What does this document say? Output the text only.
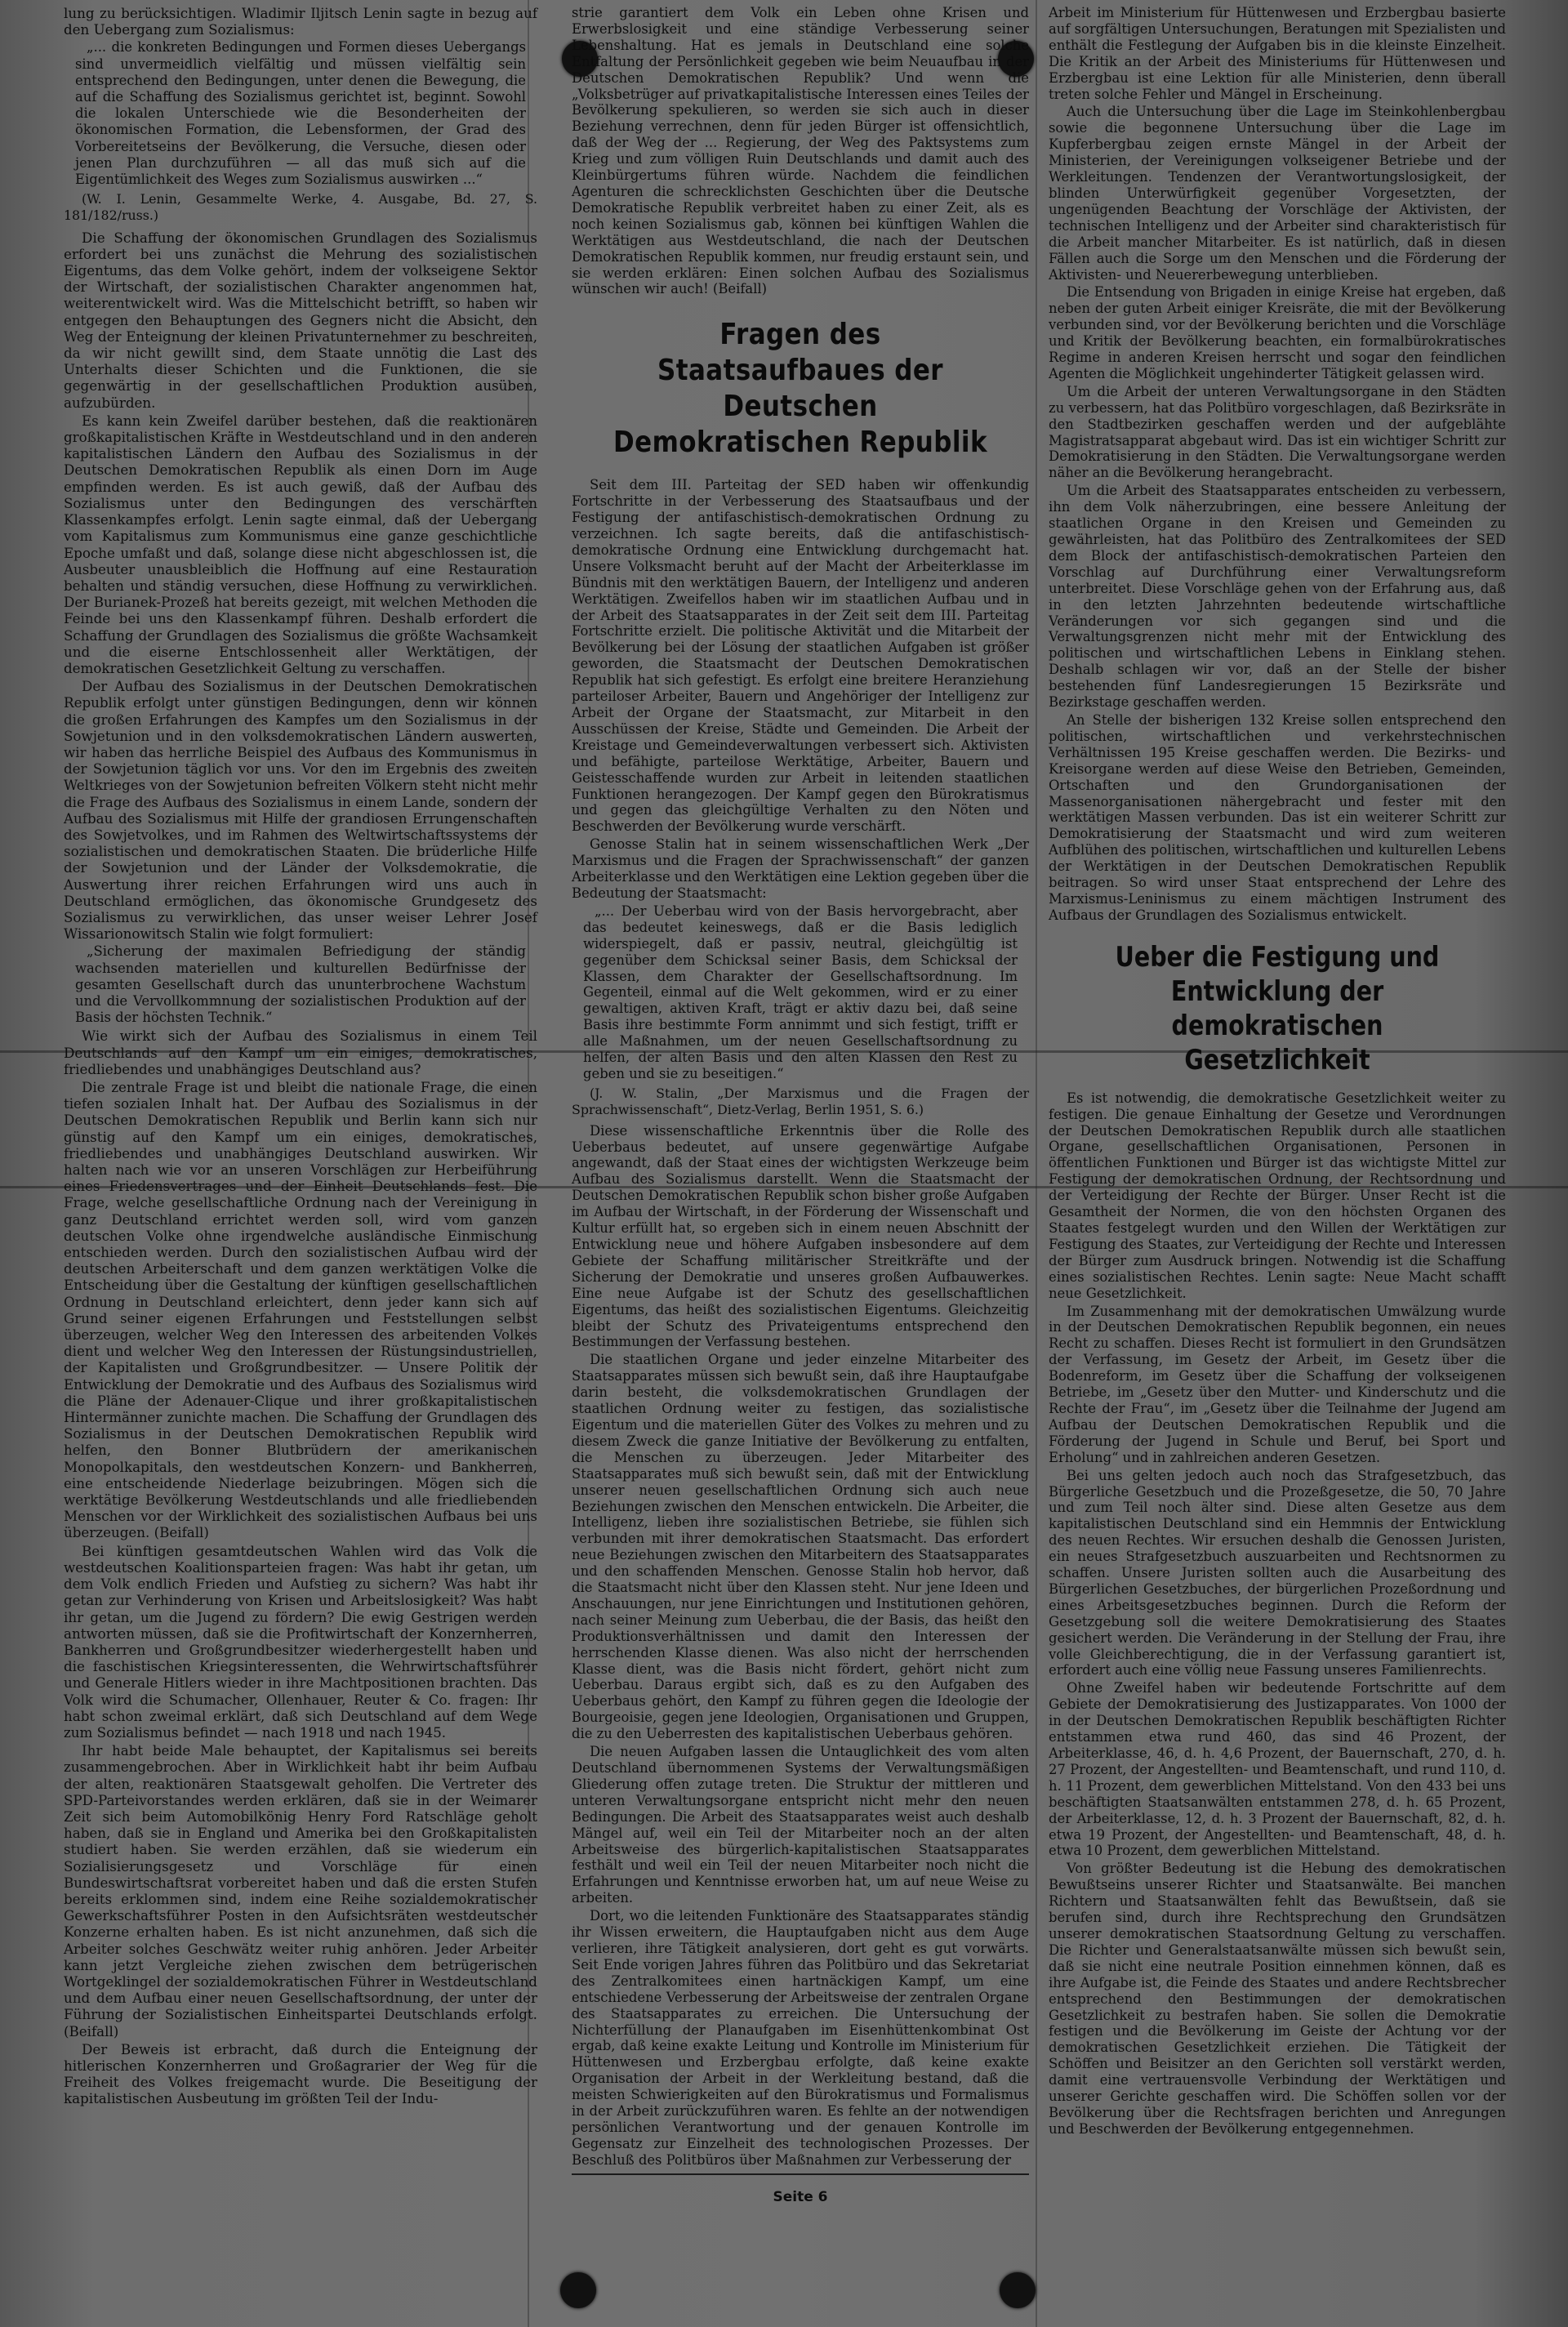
lung zu berücksichtigen. Wladimir Iljitsch Lenin sagte in bezug auf den Uebergang zum Sozialismus:

„... die konkreten Bedingungen und Formen dieses Uebergangs sind unvermeidlich vielfältig und müssen vielfältig sein entsprechend den Bedingungen, unter denen die Bewegung, die auf die Schaffung des Sozialismus gerichtet ist, beginnt. Sowohl die lokalen Unterschiede wie die Besonderheiten der ökonomischen Formation, die Lebensformen, der Grad des Vorbereitetseins der Bevölkerung, die Versuche, diesen oder jenen Plan durchzuführen — all das muß sich auf die Eigentümlichkeit des Weges zum Sozialismus auswirken ...“

(W. I. Lenin, Gesammelte Werke, 4. Ausgabe, Bd. 27, S. 181/182/russ.)

Die Schaffung der ökonomischen Grundlagen des Sozialismus erfordert bei uns zunächst die Mehrung des sozialistischen Eigentums, das dem Volke gehört, indem der volkseigene Sektor der Wirtschaft, der sozialistischen Charakter angenommen hat, weiterentwickelt wird. Was die Mittelschicht betrifft, so haben wir entgegen den Behauptungen des Gegners nicht die Absicht, den Weg der Enteignung der kleinen Privatunternehmer zu beschreiten, da wir nicht gewillt sind, dem Staate unnötig die Last des Unterhalts dieser Schichten und die Funktionen, die sie gegenwärtig in der gesellschaftlichen Produktion ausüben, aufzubürden.

Es kann kein Zweifel darüber bestehen, daß die reaktionären großkapitalistischen Kräfte in Westdeutschland und in den anderen kapitalistischen Ländern den Aufbau des Sozialismus in der Deutschen Demokratischen Republik als einen Dorn im Auge empfinden werden. Es ist auch gewiß, daß der Aufbau des Sozialismus unter den Bedingungen des verschärften Klassenkampfes erfolgt. Lenin sagte einmal, daß der Uebergang vom Kapitalismus zum Kommunismus eine ganze geschichtliche Epoche umfaßt und daß, solange diese nicht abgeschlossen ist, die Ausbeuter unausbleiblich die Hoffnung auf eine Restauration behalten und ständig versuchen, diese Hoffnung zu verwirklichen. Der Burianek-Prozeß hat bereits gezeigt, mit welchen Methoden die Feinde bei uns den Klassenkampf führen. Deshalb erfordert die Schaffung der Grundlagen des Sozialismus die größte Wachsamkeit und die eiserne Entschlossenheit aller Werktätigen, der demokratischen Gesetzlichkeit Geltung zu verschaffen.

Der Aufbau des Sozialismus in der Deutschen Demokratischen Republik erfolgt unter günstigen Bedingungen, denn wir können die großen Erfahrungen des Kampfes um den Sozialismus in der Sowjetunion und in den volksdemokratischen Ländern auswerten, wir haben das herrliche Beispiel des Aufbaus des Kommunismus in der Sowjetunion täglich vor uns. Vor den im Ergebnis des zweiten Weltkrieges von der Sowjetunion befreiten Völkern steht nicht mehr die Frage des Aufbaus des Sozialismus in einem Lande, sondern der Aufbau des Sozialismus mit Hilfe der grandiosen Errungenschaften des Sowjetvolkes, und im Rahmen des Weltwirtschaftssystems der sozialistischen und demokratischen Staaten. Die brüderliche Hilfe der Sowjetunion und der Länder der Volksdemokratie, die Auswertung ihrer reichen Erfahrungen wird uns auch in Deutschland ermöglichen, das ökonomische Grundgesetz des Sozialismus zu verwirklichen, das unser weiser Lehrer Josef Wissarionowitsch Stalin wie folgt formuliert:

„Sicherung der maximalen Befriedigung der ständig wachsenden materiellen und kulturellen Bedürfnisse der gesamten Gesellschaft durch das ununterbrochene Wachstum und die Vervollkommnung der sozialistischen Produktion auf der Basis der höchsten Technik.“

Wie wirkt sich der Aufbau des Sozialismus in einem Teil Deutschlands auf den Kampf um ein einiges, demokratisches, friedliebendes und unabhängiges Deutschland aus?

Die zentrale Frage ist und bleibt die nationale Frage, die einen tiefen sozialen Inhalt hat. Der Aufbau des Sozialismus in der Deutschen Demokratischen Republik und Berlin kann sich nur günstig auf den Kampf um ein einiges, demokratisches, friedliebendes und unabhängiges Deutschland auswirken. Wir halten nach wie vor an unseren Vorschlägen zur Herbeiführung eines Friedensvertrages und der Einheit Deutschlands fest. Die Frage, welche gesellschaftliche Ordnung nach der Vereinigung in ganz Deutschland errichtet werden soll, wird vom ganzen deutschen Volke ohne irgendwelche ausländische Einmischung entschieden werden. Durch den sozialistischen Aufbau wird der deutschen Arbeiterschaft und dem ganzen werktätigen Volke die Entscheidung über die Gestaltung der künftigen gesellschaftlichen Ordnung in Deutschland erleichtert, denn jeder kann sich auf Grund seiner eigenen Erfahrungen und Feststellungen selbst überzeugen, welcher Weg den Interessen des arbeitenden Volkes dient und welcher Weg den Interessen der Rüstungsindustriellen, der Kapitalisten und Großgrundbesitzer. — Unsere Politik der Entwicklung der Demokratie und des Aufbaus des Sozialismus wird die Pläne der Adenauer-Clique und ihrer großkapitalistischen Hintermänner zunichte machen. Die Schaffung der Grundlagen des Sozialismus in der Deutschen Demokratischen Republik wird helfen, den Bonner Blutbrüdern der amerikanischen Monopolkapitals, den westdeutschen Konzern- und Bankherren, eine entscheidende Niederlage beizubringen. Mögen sich die werktätige Bevölkerung Westdeutschlands und alle friedliebenden Menschen vor der Wirklichkeit des sozialistischen Aufbaus bei uns überzeugen. (Beifall)

Bei künftigen gesamtdeutschen Wahlen wird das Volk die westdeutschen Koalitionsparteien fragen: Was habt ihr getan, um dem Volk endlich Frieden und Aufstieg zu sichern? Was habt ihr getan zur Verhinderung von Krisen und Arbeitslosigkeit? Was habt ihr getan, um die Jugend zu fördern? Die ewig Gestrigen werden antworten müssen, daß sie die Profitwirtschaft der Konzernherren, Bankherren und Großgrundbesitzer wiederhergestellt haben und die faschistischen Kriegsinteressenten, die Wehrwirtschaftsführer und Generale Hitlers wieder in ihre Machtpositionen brachten. Das Volk wird die Schumacher, Ollenhauer, Reuter & Co. fragen: Ihr habt schon zweimal erklärt, daß sich Deutschland auf dem Wege zum Sozialismus befindet — nach 1918 und nach 1945.

Ihr habt beide Male behauptet, der Kapitalismus sei bereits zusammengebrochen. Aber in Wirklichkeit habt ihr beim Aufbau der alten, reaktionären Staatsgewalt geholfen. Die Vertreter des SPD-Parteivorstandes werden erklären, daß sie in der Weimarer Zeit sich beim Automobilkönig Henry Ford Ratschläge geholt haben, daß sie in England und Amerika bei den Großkapitalisten studiert haben. Sie werden erzählen, daß sie wiederum ein Sozialisierungsgesetz und Vorschläge für einen Bundeswirtschaftsrat vorbereitet haben und daß die ersten Stufen bereits erklommen sind, indem eine Reihe sozialdemokratischer Gewerkschaftsführer Posten in den Aufsichtsräten westdeutscher Konzerne erhalten haben. Es ist nicht anzunehmen, daß sich die Arbeiter solches Geschwätz weiter ruhig anhören. Jeder Arbeiter kann jetzt Vergleiche ziehen zwischen dem betrügerischen Wortgeklingel der sozialdemokratischen Führer in Westdeutschland und dem Aufbau einer neuen Gesellschaftsordnung, der unter der Führung der Sozialistischen Einheitspartei Deutschlands erfolgt. (Beifall)

Der Beweis ist erbracht, daß durch die Enteignung der hitlerischen Konzernherren und Großagrarier der Weg für die Freiheit des Volkes freigemacht wurde. Die Beseitigung der kapitalistischen Ausbeutung im größten Teil der Indu-

strie garantiert dem Volk ein Leben ohne Krisen und Erwerbslosigkeit und eine ständige Verbesserung seiner Lebenshaltung. Hat es jemals in Deutschland eine solche Entfaltung der Persönlichkeit gegeben wie beim Neuaufbau in der Deutschen Demokratischen Republik? Und wenn die „Volksbetrüger auf privatkapitalistische Interessen eines Teiles der Bevölkerung spekulieren, so werden sie sich auch in dieser Beziehung verrechnen, denn für jeden Bürger ist offensichtlich, daß der Weg der ... Regierung, der Weg des Paktsystems zum Krieg und zum völligen Ruin Deutschlands und damit auch des Kleinbürgertums führen würde. Nachdem die feindlichen Agenturen die schrecklichsten Geschichten über die Deutsche Demokratische Republik verbreitet haben zu einer Zeit, als es noch keinen Sozialismus gab, können bei künftigen Wahlen die Werktätigen aus Westdeutschland, die nach der Deutschen Demokratischen Republik kommen, nur freudig erstaunt sein, und sie werden erklären: Einen solchen Aufbau des Sozialismus wünschen wir auch! (Beifall)

Fragen des Staatsaufbaues der Deutschen Demokratischen Republik

Seit dem III. Parteitag der SED haben wir offenkundig Fortschritte in der Verbesserung des Staatsaufbaus und der Festigung der antifaschistisch-demokratischen Ordnung zu verzeichnen. Ich sagte bereits, daß die antifaschistisch-demokratische Ordnung eine Entwicklung durchgemacht hat. Unsere Volksmacht beruht auf der Macht der Arbeiterklasse im Bündnis mit den werktätigen Bauern, der Intelligenz und anderen Werktätigen. Zweifellos haben wir im staatlichen Aufbau und in der Arbeit des Staatsapparates in der Zeit seit dem III. Parteitag Fortschritte erzielt. Die politische Aktivität und die Mitarbeit der Bevölkerung bei der Lösung der staatlichen Aufgaben ist größer geworden, die Staatsmacht der Deutschen Demokratischen Republik hat sich gefestigt. Es erfolgt eine breitere Heranziehung parteiloser Arbeiter, Bauern und Angehöriger der Intelligenz zur Arbeit der Organe der Staatsmacht, zur Mitarbeit in den Ausschüssen der Kreise, Städte und Gemeinden. Die Arbeit der Kreistage und Gemeindeverwaltungen verbessert sich. Aktivisten und befähigte, parteilose Werktätige, Arbeiter, Bauern und Geistesschaffende wurden zur Arbeit in leitenden staatlichen Funktionen herangezogen. Der Kampf gegen den Bürokratismus und gegen das gleichgültige Verhalten zu den Nöten und Beschwerden der Bevölkerung wurde verschärft.

Genosse Stalin hat in seinem wissenschaftlichen Werk „Der Marxismus und die Fragen der Sprachwissenschaft“ der ganzen Arbeiterklasse und den Werktätigen eine Lektion gegeben über die Bedeutung der Staatsmacht:

„... Der Ueberbau wird von der Basis hervorgebracht, aber das bedeutet keineswegs, daß er die Basis lediglich widerspiegelt, daß er passiv, neutral, gleichgültig ist gegenüber dem Schicksal seiner Basis, dem Schicksal der Klassen, dem Charakter der Gesellschaftsordnung. Im Gegenteil, einmal auf die Welt gekommen, wird er zu einer gewaltigen, aktiven Kraft, trägt er aktiv dazu bei, daß seine Basis ihre bestimmte Form annimmt und sich festigt, trifft er alle Maßnahmen, um der neuen Gesellschaftsordnung zu helfen, der alten Basis und den alten Klassen den Rest zu geben und sie zu beseitigen.“

(J. W. Stalin, „Der Marxismus und die Fragen der Sprachwissenschaft“, Dietz-Verlag, Berlin 1951, S. 6.)

Diese wissenschaftliche Erkenntnis über die Rolle des Ueberbaus bedeutet, auf unsere gegenwärtige Aufgabe angewandt, daß der Staat eines der wichtigsten Werkzeuge beim Aufbau des Sozialismus darstellt. Wenn die Staatsmacht der Deutschen Demokratischen Republik schon bisher große Aufgaben im Aufbau der Wirtschaft, in der Förderung der Wissenschaft und Kultur erfüllt hat, so ergeben sich in einem neuen Abschnitt der Entwicklung neue und höhere Aufgaben insbesondere auf dem Gebiete der Schaffung militärischer Streitkräfte und der Sicherung der Demokratie und unseres großen Aufbauwerkes. Eine neue Aufgabe ist der Schutz des gesellschaftlichen Eigentums, das heißt des sozialistischen Eigentums. Gleichzeitig bleibt der Schutz des Privateigentums entsprechend den Bestimmungen der Verfassung bestehen.

Die staatlichen Organe und jeder einzelne Mitarbeiter des Staatsapparates müssen sich bewußt sein, daß ihre Hauptaufgabe darin besteht, die volksdemokratischen Grundlagen der staatlichen Ordnung weiter zu festigen, das sozialistische Eigentum und die materiellen Güter des Volkes zu mehren und zu diesem Zweck die ganze Initiative der Bevölkerung zu entfalten, die Menschen zu überzeugen. Jeder Mitarbeiter des Staatsapparates muß sich bewußt sein, daß mit der Entwicklung unserer neuen gesellschaftlichen Ordnung sich auch neue Beziehungen zwischen den Menschen entwickeln. Die Arbeiter, die Intelligenz, lieben ihre sozialistischen Betriebe, sie fühlen sich verbunden mit ihrer demokratischen Staatsmacht. Das erfordert neue Beziehungen zwischen den Mitarbeitern des Staatsapparates und den schaffenden Menschen. Genosse Stalin hob hervor, daß die Staatsmacht nicht über den Klassen steht. Nur jene Ideen und Anschauungen, nur jene Einrichtungen und Institutionen gehören, nach seiner Meinung zum Ueberbau, die der Basis, das heißt den Produktionsverhältnissen und damit den Interessen der herrschenden Klasse dienen. Was also nicht der herrschenden Klasse dient, was die Basis nicht fördert, gehört nicht zum Ueberbau. Daraus ergibt sich, daß es zu den Aufgaben des Ueberbaus gehört, den Kampf zu führen gegen die Ideologie der Bourgeoisie, gegen jene Ideologien, Organisationen und Gruppen, die zu den Ueberresten des kapitalistischen Ueberbaus gehören.

Die neuen Aufgaben lassen die Untauglichkeit des vom alten Deutschland übernommenen Systems der Verwaltungsmäßigen Gliederung offen zutage treten. Die Struktur der mittleren und unteren Verwaltungsorgane entspricht nicht mehr den neuen Bedingungen. Die Arbeit des Staatsapparates weist auch deshalb Mängel auf, weil ein Teil der Mitarbeiter noch an der alten Arbeitsweise des bürgerlich-kapitalistischen Staatsapparates festhält und weil ein Teil der neuen Mitarbeiter noch nicht die Erfahrungen und Kenntnisse erworben hat, um auf neue Weise zu arbeiten.

Dort, wo die leitenden Funktionäre des Staatsapparates ständig ihr Wissen erweitern, die Hauptaufgaben nicht aus dem Auge verlieren, ihre Tätigkeit analysieren, dort geht es gut vorwärts. Seit Ende vorigen Jahres führen das Politbüro und das Sekretariat des Zentralkomitees einen hartnäckigen Kampf, um eine entschiedene Verbesserung der Arbeitsweise der zentralen Organe des Staatsapparates zu erreichen. Die Untersuchung der Nichterfüllung der Planaufgaben im Eisenhüttenkombinat Ost ergab, daß keine exakte Leitung und Kontrolle im Ministerium für Hüttenwesen und Erzbergbau erfolgte, daß keine exakte Organisation der Arbeit in der Werkleitung bestand, daß die meisten Schwierigkeiten auf den Bürokratismus und Formalismus in der Arbeit zurückzuführen waren. Es fehlte an der notwendigen persönlichen Verantwortung und der genauen Kontrolle im Gegensatz zur Einzelheit des technologischen Prozesses. Der Beschluß des Politbüros über Maßnahmen zur Verbesserung der

Seite 6

Arbeit im Ministerium für Hüttenwesen und Erzbergbau basierte auf sorgfältigen Untersuchungen, Beratungen mit Spezialisten und enthält die Festlegung der Aufgaben bis in die kleinste Einzelheit. Die Kritik an der Arbeit des Ministeriums für Hüttenwesen und Erzbergbau ist eine Lektion für alle Ministerien, denn überall treten solche Fehler und Mängel in Erscheinung.

Auch die Untersuchung über die Lage im Steinkohlenbergbau sowie die begonnene Untersuchung über die Lage im Kupferbergbau zeigen ernste Mängel in der Arbeit der Ministerien, der Vereinigungen volkseigener Betriebe und der Werkleitungen. Tendenzen der Verantwortungslosigkeit, der blinden Unterwürfigkeit gegenüber Vorgesetzten, der ungenügenden Beachtung der Vorschläge der Aktivisten, der technischen Intelligenz und der Arbeiter sind charakteristisch für die Arbeit mancher Mitarbeiter. Es ist natürlich, daß in diesen Fällen auch die Sorge um den Menschen und die Förderung der Aktivisten- und Neuererbewegung unterblieben.

Die Entsendung von Brigaden in einige Kreise hat ergeben, daß neben der guten Arbeit einiger Kreisräte, die mit der Bevölkerung verbunden sind, vor der Bevölkerung berichten und die Vorschläge und Kritik der Bevölkerung beachten, ein formalbürokratisches Regime in anderen Kreisen herrscht und sogar den feindlichen Agenten die Möglichkeit ungehinderter Tätigkeit gelassen wird.

Um die Arbeit der unteren Verwaltungsorgane in den Städten zu verbessern, hat das Politbüro vorgeschlagen, daß Bezirksräte in den Stadtbezirken geschaffen werden und der aufgeblähte Magistratsapparat abgebaut wird. Das ist ein wichtiger Schritt zur Demokratisierung in den Städten. Die Verwaltungsorgane werden näher an die Bevölkerung herangebracht.

Um die Arbeit des Staatsapparates entscheiden zu verbessern, ihn dem Volk näherzubringen, eine bessere Anleitung der staatlichen Organe in den Kreisen und Gemeinden zu gewährleisten, hat das Politbüro des Zentralkomitees der SED dem Block der antifaschistisch-demokratischen Parteien den Vorschlag auf Durchführung einer Verwaltungsreform unterbreitet. Diese Vorschläge gehen von der Erfahrung aus, daß in den letzten Jahrzehnten bedeutende wirtschaftliche Veränderungen vor sich gegangen sind und die Verwaltungsgrenzen nicht mehr mit der Entwicklung des politischen und wirtschaftlichen Lebens in Einklang stehen. Deshalb schlagen wir vor, daß an der Stelle der bisher bestehenden fünf Landesregierungen 15 Bezirksräte und Bezirkstage geschaffen werden.

An Stelle der bisherigen 132 Kreise sollen entsprechend den politischen, wirtschaftlichen und verkehrstechnischen Verhältnissen 195 Kreise geschaffen werden. Die Bezirks- und Kreisorgane werden auf diese Weise den Betrieben, Gemeinden, Ortschaften und den Grundorganisationen der Massenorganisationen nähergebracht und fester mit den werktätigen Massen verbunden. Das ist ein weiterer Schritt zur Demokratisierung der Staatsmacht und wird zum weiteren Aufblühen des politischen, wirtschaftlichen und kulturellen Lebens der Werktätigen in der Deutschen Demokratischen Republik beitragen. So wird unser Staat entsprechend der Lehre des Marxismus-Leninismus zu einem mächtigen Instrument des Aufbaus der Grundlagen des Sozialismus entwickelt.

Ueber die Festigung und Entwicklung der demokratischen Gesetzlichkeit

Es ist notwendig, die demokratische Gesetzlichkeit weiter zu festigen. Die genaue Einhaltung der Gesetze und Verordnungen der Deutschen Demokratischen Republik durch alle staatlichen Organe, gesellschaftlichen Organisationen, Personen in öffentlichen Funktionen und Bürger ist das wichtigste Mittel zur Festigung der demokratischen Ordnung, der Rechtsordnung und der Verteidigung der Rechte der Bürger. Unser Recht ist die Gesamtheit der Normen, die von den höchsten Organen des Staates festgelegt wurden und den Willen der Werktätigen zur Festigung des Staates, zur Verteidigung der Rechte und Interessen der Bürger zum Ausdruck bringen. Notwendig ist die Schaffung eines sozialistischen Rechtes. Lenin sagte: Neue Macht schafft neue Gesetzlichkeit.

Im Zusammenhang mit der demokratischen Umwälzung wurde in der Deutschen Demokratischen Republik begonnen, ein neues Recht zu schaffen. Dieses Recht ist formuliert in den Grundsätzen der Verfassung, im Gesetz der Arbeit, im Gesetz über die Bodenreform, im Gesetz über die Schaffung der volkseigenen Betriebe, im „Gesetz über den Mutter- und Kinderschutz und die Rechte der Frau“, im „Gesetz über die Teilnahme der Jugend am Aufbau der Deutschen Demokratischen Republik und die Förderung der Jugend in Schule und Beruf, bei Sport und Erholung“ und in zahlreichen anderen Gesetzen.

Bei uns gelten jedoch auch noch das Strafgesetzbuch, das Bürgerliche Gesetzbuch und die Prozeßgesetze, die 50, 70 Jahre und zum Teil noch älter sind. Diese alten Gesetze aus dem kapitalistischen Deutschland sind ein Hemmnis der Entwicklung des neuen Rechtes. Wir ersuchen deshalb die Genossen Juristen, ein neues Strafgesetzbuch auszuarbeiten und Rechtsnormen zu schaffen. Unsere Juristen sollten auch die Ausarbeitung des Bürgerlichen Gesetzbuches, der bürgerlichen Prozeßordnung und eines Arbeitsgesetzbuches beginnen. Durch die Reform der Gesetzgebung soll die weitere Demokratisierung des Staates gesichert werden. Die Veränderung in der Stellung der Frau, ihre volle Gleichberechtigung, die in der Verfassung garantiert ist, erfordert auch eine völlig neue Fassung unseres Familienrechts.

Ohne Zweifel haben wir bedeutende Fortschritte auf dem Gebiete der Demokratisierung des Justizapparates. Von 1000 der in der Deutschen Demokratischen Republik beschäftigten Richter entstammen etwa rund 460, das sind 46 Prozent, der Arbeiterklasse, 46, d. h. 4,6 Prozent, der Bauernschaft, 270, d. h. 27 Prozent, der Angestellten- und Beamtenschaft, und rund 110, d. h. 11 Prozent, dem gewerblichen Mittelstand. Von den 433 bei uns beschäftigten Staatsanwälten entstammen 278, d. h. 65 Prozent, der Arbeiterklasse, 12, d. h. 3 Prozent der Bauernschaft, 82, d. h. etwa 19 Prozent, der Angestellten- und Beamtenschaft, 48, d. h. etwa 10 Prozent, dem gewerblichen Mittelstand.

Von größter Bedeutung ist die Hebung des demokratischen Bewußtseins unserer Richter und Staatsanwälte. Bei manchen Richtern und Staatsanwälten fehlt das Bewußtsein, daß sie berufen sind, durch ihre Rechtsprechung den Grundsätzen unserer demokratischen Staatsordnung Geltung zu verschaffen. Die Richter und Generalstaatsanwälte müssen sich bewußt sein, daß sie nicht eine neutrale Position einnehmen können, daß es ihre Aufgabe ist, die Feinde des Staates und andere Rechtsbrecher entsprechend den Bestimmungen der demokratischen Gesetzlichkeit zu bestrafen haben. Sie sollen die Demokratie festigen und die Bevölkerung im Geiste der Achtung vor der demokratischen Gesetzlichkeit erziehen. Die Tätigkeit der Schöffen und Beisitzer an den Gerichten soll verstärkt werden, damit eine vertrauensvolle Verbindung der Werktätigen und unserer Gerichte geschaffen wird. Die Schöffen sollen vor der Bevölkerung über die Rechtsfragen berichten und Anregungen und Beschwerden der Bevölkerung entgegennehmen.
